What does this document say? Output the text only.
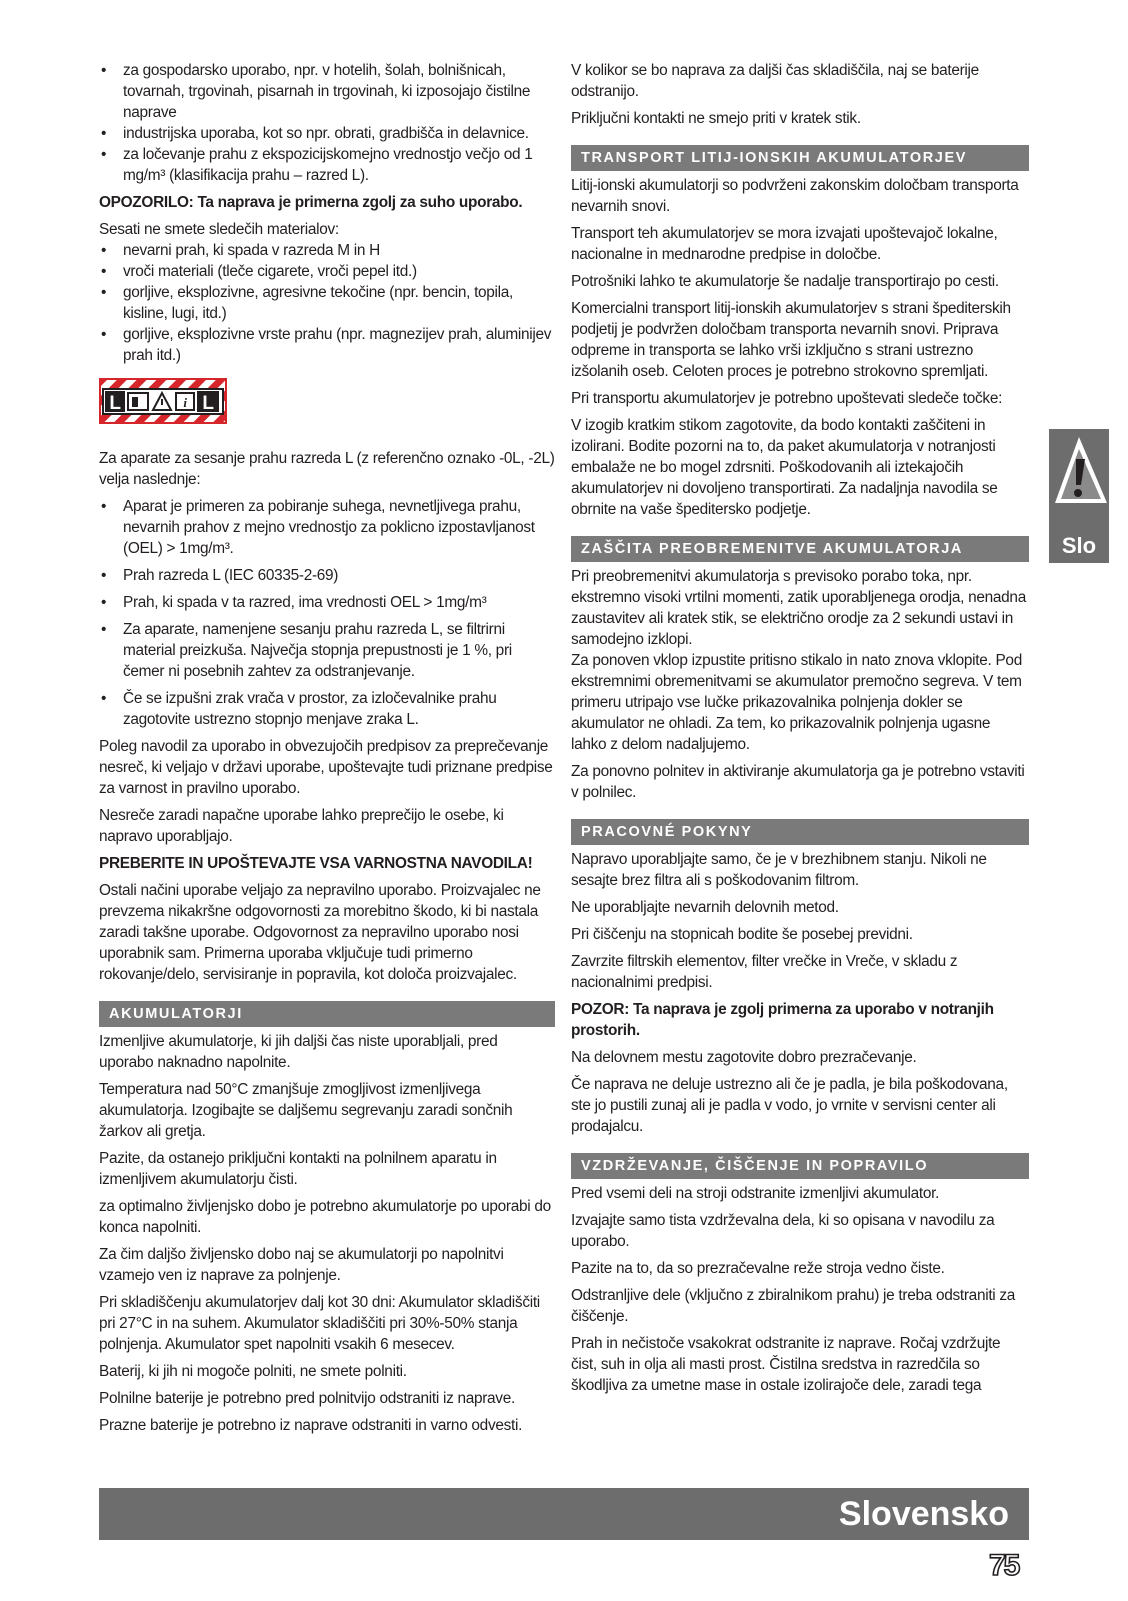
• za gospodarsko uporabo, npr. v hotelih, šolah, bolnišnicah, tovarnah, trgovinah, pisarnah in trgovinah, ki izposojajo čistilne naprave
• industrijska uporaba, kot so npr. obrati, gradbišča in delavnice.
• za ločevanje prahu z ekspozicijskomejno vrednostjo večjo od 1 mg/m³ (klasifikacija prahu – razred L).

OPOZORILO: Ta naprava je primerna zgolj za suho uporabo.

Sesati ne smete sledečih materialov:

• nevarni prah, ki spada v razreda M in H
• vroči materiali (tleče cigarete, vroči pepel itd.)
• gorljive, eksplozivne, agresivne tekočine (npr. bencin, topila, kisline, lugi, itd.)
• gorljive, eksplozivne vrste prahu (npr. magnezijev prah, aluminijev prah itd.)
L	i L

Za aparate za sesanje prahu razreda L (z referenčno oznako -0L, -2L) velja naslednje:

• Aparat je primeren za pobiranje suhega, nevnetljivega prahu, nevarnih prahov z mejno vrednostjo za poklicno izpostavljanost (OEL) > 1mg/m³.
• Prah razreda L (IEC 60335-2-69)
• Prah, ki spada v ta razred, ima vrednosti OEL > 1mg/m³
• Za aparate, namenjene sesanju prahu razreda L, se filtrirni material preizkuša. Največja stopnja prepustnosti je 1 %, pri čemer ni posebnih zahtev za odstranjevanje.
• Če se izpušni zrak vrača v prostor, za izločevalnike prahu zagotovite ustrezno stopnjo menjave zraka L.

Poleg navodil za uporabo in obvezujočih predpisov za preprečevanje nesreč, ki veljajo v državi uporabe, upoštevajte tudi priznane predpise za varnost in pravilno uporabo.

Nesreče zaradi napačne uporabe lahko preprečijo le osebe, ki napravo uporabljajo.

PREBERITE IN UPOŠTEVAJTE VSA VARNOSTNA NAVODILA!

Ostali načini uporabe veljajo za nepravilno uporabo. Proizvajalec ne prevzema nikakršne odgovornosti za morebitno škodo, ki bi nastala zaradi takšne uporabe. Odgovornost za nepravilno uporabo nosi uporabnik sam. Primerna uporaba vključuje tudi primerno rokovanje/delo, servisiranje in popravila, kot določa proizvajalec.

AKUMULATORJI

Izmenljive akumulatorje, ki jih daljši čas niste uporabljali, pred uporabo naknadno napolnite.

Temperatura nad 50°C zmanjšuje zmogljivost izmenljivega akumulatorja. Izogibajte se daljšemu segrevanju zaradi sončnih žarkov ali gretja.

Pazite, da ostanejo priključni kontakti na polnilnem aparatu in izmenljivem akumulatorju čisti.

za optimalno življenjsko dobo je potrebno akumulatorje po uporabi do konca napolniti.

Za čim daljšo življensko dobo naj se akumulatorji po napolnitvi vzamejo ven iz naprave za polnjenje.

Pri skladiščenju akumulatorjev dalj kot 30 dni: Akumulator skladiščiti pri 27°C in na suhem. Akumulator skladiščiti pri 30%-50% stanja polnjenja. Akumulator spet napolniti vsakih 6 mesecev.

Baterij, ki jih ni mogoče polniti, ne smete polniti.

Polnilne baterije je potrebno pred polnitvijo odstraniti iz naprave.

Prazne baterije je potrebno iz naprave odstraniti in varno odvesti.

V kolikor se bo naprava za daljši čas skladiščila, naj se baterije odstranijo.

Priključni kontakti ne smejo priti v kratek stik.

TRANSPORT LITIJ-IONSKIH AKUMULATORJEV

Litij-ionski akumulatorji so podvrženi zakonskim določbam transporta nevarnih snovi.

Transport teh akumulatorjev se mora izvajati upoštevajoč lokalne, nacionalne in mednarodne predpise in določbe.

Potrošniki lahko te akumulatorje še nadalje transportirajo po cesti.

Komercialni transport litij-ionskih akumulatorjev s strani špediterskih podjetij je podvržen določbam transporta nevarnih snovi. Priprava odpreme in transporta se lahko vrši izključno s strani ustrezno izšolanih oseb. Celoten proces je potrebno strokovno spremljati.

Pri transportu akumulatorjev je potrebno upoštevati sledeče točke:

V izogib kratkim stikom zagotovite, da bodo kontakti zaščiteni in izolirani. Bodite pozorni na to, da paket akumulatorja v notranjosti embalaže ne bo mogel zdrsniti. Poškodovanih ali iztekajočih akumulatorjev ni dovoljeno transportirati. Za nadaljnja navodila se obrnite na vaše špeditersko podjetje.

ZAŠČITA PREOBREMENITVE AKUMULATORJA

Pri preobremenitvi akumulatorja s previsoko porabo toka, npr. ekstremno visoki vrtilni momenti, zatik uporabljenega orodja, nenadna zaustavitev ali kratek stik, se električno orodje za 2 sekundi ustavi in samodejno izklopi.

Za ponoven vklop izpustite pritisno stikalo in nato znova vklopite. Pod ekstremnimi obremenitvami se akumulator premočno segreva. V tem primeru utripajo vse lučke prikazovalnika polnjenja dokler se akumulator ne ohladi. Za tem, ko prikazovalnik polnjenja ugasne lahko z delom nadaljujemo.

Za ponovno polnitev in aktiviranje akumulatorja ga je potrebno vstaviti v polnilec.

PRACOVNÉ POKYNY

Napravo uporabljajte samo, če je v brezhibnem stanju. Nikoli ne sesajte brez filtra ali s poškodovanim filtrom.

Ne uporabljajte nevarnih delovnih metod.

Pri čiščenju na stopnicah bodite še posebej previdni.

Zavrzite filtrskih elementov, filter vrečke in Vreče, v skladu z nacionalnimi predpisi.

POZOR: Ta naprava je zgolj primerna za uporabo v notranjih prostorih.

Na delovnem mestu zagotovite dobro prezračevanje.

Če naprava ne deluje ustrezno ali če je padla, je bila poškodovana, ste jo pustili zunaj ali je padla v vodo, jo vrnite v servisni center ali prodajalcu.

VZDRŽEVANJE, ČIŠČENJE IN POPRAVILO

Pred vsemi deli na stroji odstranite izmenljivi akumulator.

Izvajajte samo tista vzdrževalna dela, ki so opisana v navodilu za uporabo.

Pazite na to, da so prezračevalne reže stroja vedno čiste.

Odstranljive dele (vključno z zbiralnikom prahu) je treba odstraniti za čiščenje.

Prah in nečistoče vsakokrat odstranite iz naprave. Ročaj vzdržujte čist, suh in olja ali masti prost. Čistilna sredstva in razredčila so škodljiva za umetne mase in ostale izolirajoče dele, zaradi tega

Slo
Slovensko
75
